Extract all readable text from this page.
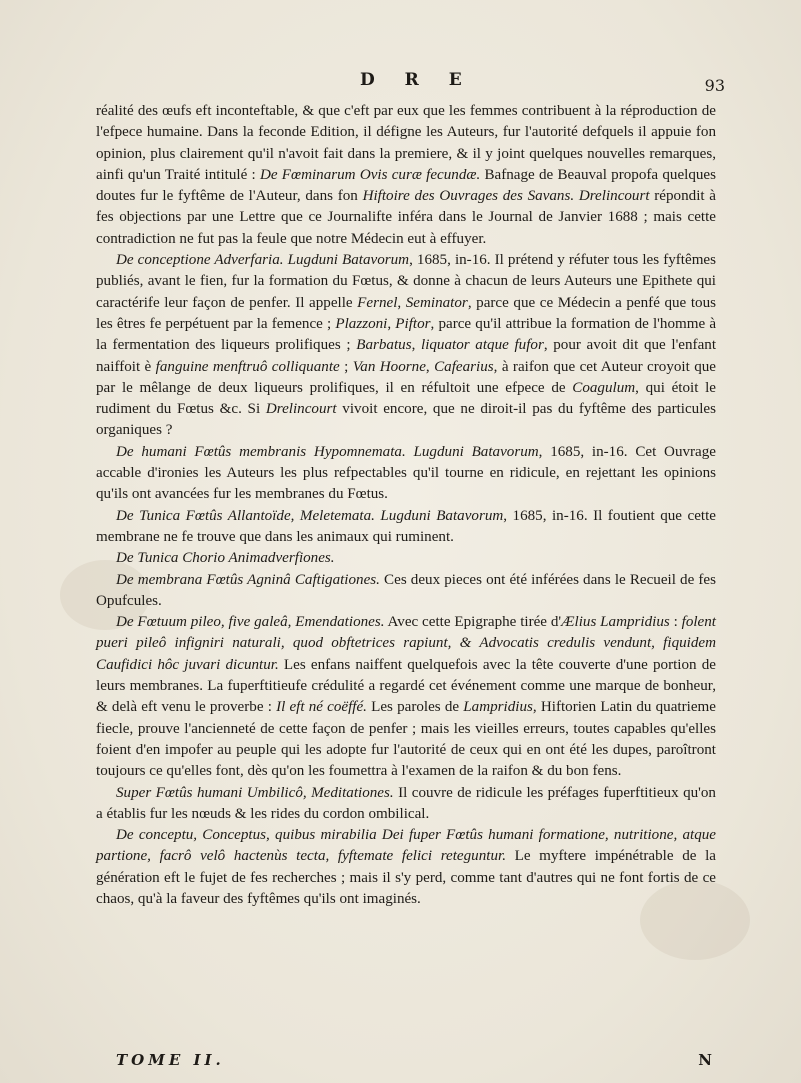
D R E	93

réalité des œufs eft inconteftable, & que c'eft par eux que les femmes contribuent à la réproduction de l'efpece humaine. Dans la feconde Edition, il défigne les Auteurs, fur l'autorité defquels il appuie fon opinion, plus clairement qu'il n'avoit fait dans la premiere, & il y joint quelques nouvelles remarques, ainfi qu'un Traité intitulé : De Fœminarum Ovis curæ fecundæ. Bafnage de Beauval propofa quelques doutes fur le fyftême de l'Auteur, dans fon Hiftoire des Ouvrages des Savans. Drelincourt répondit à fes objections par une Lettre que ce Journalifte inféra dans le Journal de Janvier 1688 ; mais cette contradiction ne fut pas la feule que notre Médecin eut à effuyer.

De conceptione Adverfaria. Lugduni Batavorum, 1685, in-16. Il prétend y réfuter tous les fyftêmes publiés, avant le fien, fur la formation du Fœtus, & donne à chacun de leurs Auteurs une Epithete qui caractérife leur façon de penfer. Il appelle Fernel, Seminator, parce que ce Médecin a penfé que tous les êtres fe perpétuent par la femence ; Plazzoni, Piftor, parce qu'il attribue la formation de l'homme à la fermentation des liqueurs prolifiques ; Barbatus, liquator atque fufor, pour avoit dit que l'enfant naiffoit è fanguine menftruô colliquante ; Van Hoorne, Cafearius, à raifon que cet Auteur croyoit que par le mêlange de deux liqueurs prolifiques, il en réfultoit une efpece de Coagulum, qui étoit le rudiment du Fœtus &c. Si Drelincourt vivoit encore, que ne diroit-il pas du fyftême des particules organiques ?

De humani Fœtûs membranis Hypomnemata. Lugduni Batavorum, 1685, in-16. Cet Ouvrage accable d'ironies les Auteurs les plus refpectables qu'il tourne en ridicule, en rejettant les opinions qu'ils ont avancées fur les membranes du Fœtus.

De Tunica Fœtûs Allantoïde, Meletemata. Lugduni Batavorum, 1685, in-16. Il foutient que cette membrane ne fe trouve que dans les animaux qui ruminent.

De Tunica Chorio Animadverfiones.

De membrana Fœtûs Agninâ Caftigationes. Ces deux pieces ont été inférées dans le Recueil de fes Opufcules.

De Fœtuum pileo, five galeâ, Emendationes. Avec cette Epigraphe tirée d'Ælius Lampridius : folent pueri pileô infigniri naturali, quod obftetrices rapiunt, & Advocatis credulis vendunt, fiquidem Caufidici hôc juvari dicuntur. Les enfans naiffent quelquefois avec la tête couverte d'une portion de leurs membranes. La fuperftitieufe crédulité a regardé cet événement comme une marque de bonheur, & delà eft venu le proverbe : Il eft né coëffé. Les paroles de Lampridius, Hiftorien Latin du quatrieme fiecle, prouve l'ancienneté de cette façon de penfer ; mais les vieilles erreurs, toutes capables qu'elles foient d'en impofer au peuple qui les adopte fur l'autorité de ceux qui en ont été les dupes, paroîtront toujours ce qu'elles font, dès qu'on les foumettra à l'examen de la raifon & du bon fens.

Super Fœtûs humani Umbilicô, Meditationes. Il couvre de ridicule les préfages fuperftitieux qu'on a établis fur les nœuds & les rides du cordon ombilical.

De conceptu, Conceptus, quibus mirabilia Dei fuper Fœtûs humani formatione, nutritione, atque partione, facrô velô hactenùs tecta, fyftemate felici reteguntur. Le myftere impénétrable de la génération eft le fujet de fes recherches ; mais il s'y perd, comme tant d'autres qui ne font fortis de ce chaos, qu'à la faveur des fyftêmes qu'ils ont imaginés.

TOME II.	N
